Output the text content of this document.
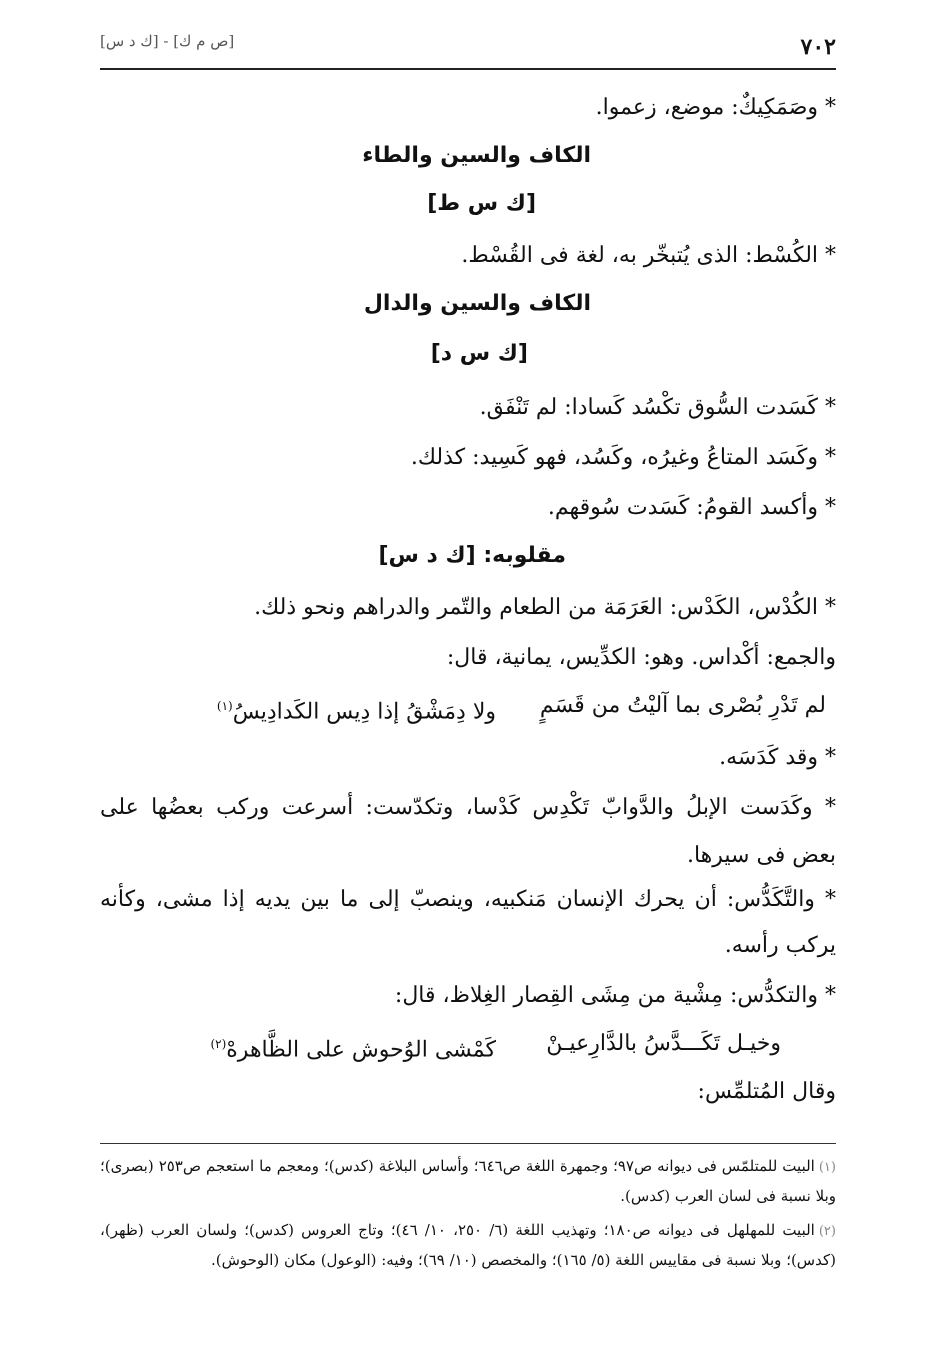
٧٠٢
[ص م ك] - [ك د س]
* وصَمَكِيكٌ: موضع، زعموا.
الكاف والسين والطاء
[ك س ط]
* الكُسْط: الذى يُتبخّر به، لغة فى القُسْط.
الكاف والسين والدال
[ك س د]
* كَسَدت السُّوق تكْسُد كَسادا: لم تَنْفَق.
* وكَسَد المتاعُ وغيرُه، وكَسُد، فهو كَسِيد: كذلك.
* وأكسد القومُ: كَسَدت سُوقهم.
مقلوبه: [ك د س]
* الكُدْس، الكَدْس: العَرَمَة من الطعام والتّمر والدراهم ونحو ذلك.
والجمع: أكْداس. وهو: الكدِّيس، يمانية، قال:
لم تَدْرِ بُصْرى بما آليْتُ من قَسَمٍ
ولا دِمَشْقُ إذا دِيس الكَدادِيسُ$^{(١)}$
* وقد كَدَسَه.
* وكَدَست الإبلُ والدَّوابّ تَكْدِس كَدْسا، وتكدّست: أسرعت وركب بعضُها على
بعض فى سيرها.
* والتَّكَدُّس: أن يحرك الإنسان مَنكبيه، وينصبّ إلى ما بين يديه إذا مشى، وكأنه
يركب رأسه.
* والتكدُّس: مِشْية من مِشَى القِصار الغِلاظ، قال:
وخيـل تَكَـــدَّسُ بالدَّارِعيـنْ
كَمْشى الوُحوش على الظَّاهرهْ$^{(٢)}$
وقال المُتلمِّس:
(١)البيت للمتلمّس فى ديوانه ص٩٧؛ وجمهرة اللغة ص٦٤٦؛ وأساس البلاغة (كدس)؛ ومعجم ما استعجم ص٢٥٣ (بصرى)؛ وبلا نسبة فى لسان العرب (كدس).
(٢)البيت للمهلهل فى ديوانه ص١٨٠؛ وتهذيب اللغة (٦/ ٢٥٠، ١٠/ ٤٦)؛ وتاج العروس (كدس)؛ ولسان العرب (ظهر)، (كدس)؛ وبلا نسبة فى مقاييس اللغة (٥/ ١٦٥)؛ والمخصص (١٠/ ٦٩)؛ وفيه: (الوعول) مكان (الوحوش).
